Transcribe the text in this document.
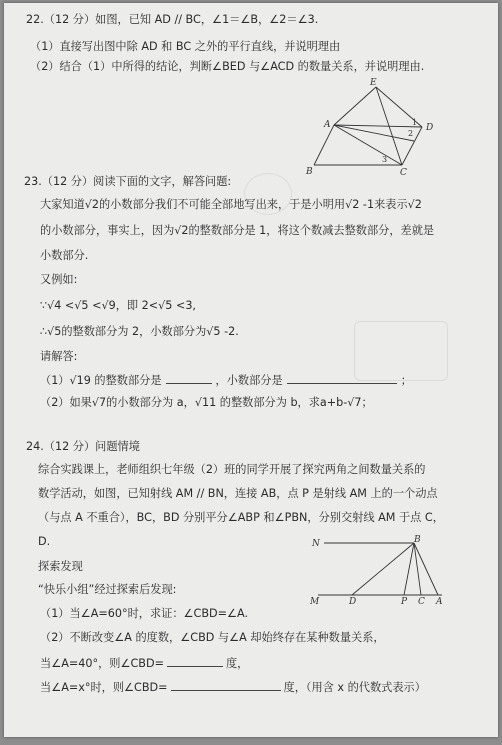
22.（12 分）如图，已知 AD // BC，∠1＝∠B，∠2＝∠3.
（1）直接写出图中除 AD 和 BC 之外的平行直线，并说明理由
（2）结合（1）中所得的结论，判断∠BED 与∠ACD 的数量关系，并说明理由.
E
A	D
B	C
1
2
3
23.（12 分）阅读下面的文字，解答问题:
大家知道√2的小数部分我们不可能全部地写出来，于是小明用√2 -1来表示√2
的小数部分，事实上，因为√2的整数部分是 1，将这个数减去整数部分，差就是
小数部分.
又例如:
∵√4 <√5 <√9，即 2<√5 <3,
∴√5的整数部分为 2，小数部分为√5 -2.
请解答:
（1）√19 的整数部分是	，小数部分是	；
（2）如果√7的小数部分为 a，√11 的整数部分为 b，求a+b-√7；
24.（12 分）问题情境
综合实践课上，老师组织七年级（2）班的同学开展了探究两角之间数量关系的
数学活动，如图，已知射线 AM // BN，连接 AB，点 P 是射线 AM 上的一个动点
（与点 A 不重合），BC，BD 分别平分∠ABP 和∠PBN，分别交射线 AM 于点 C，
D.
探索发现
“快乐小组”经过探索后发现:
（1）当∠A=60°时，求证：∠CBD=∠A.
（2）不断改变∠A 的度数，∠CBD 与∠A 却始终存在某种数量关系，
当∠A=40°，则∠CBD=	度，
当∠A=x°时，则∠CBD=	度，（用含 x 的代数式表示）
N	B
M	D	P C A
